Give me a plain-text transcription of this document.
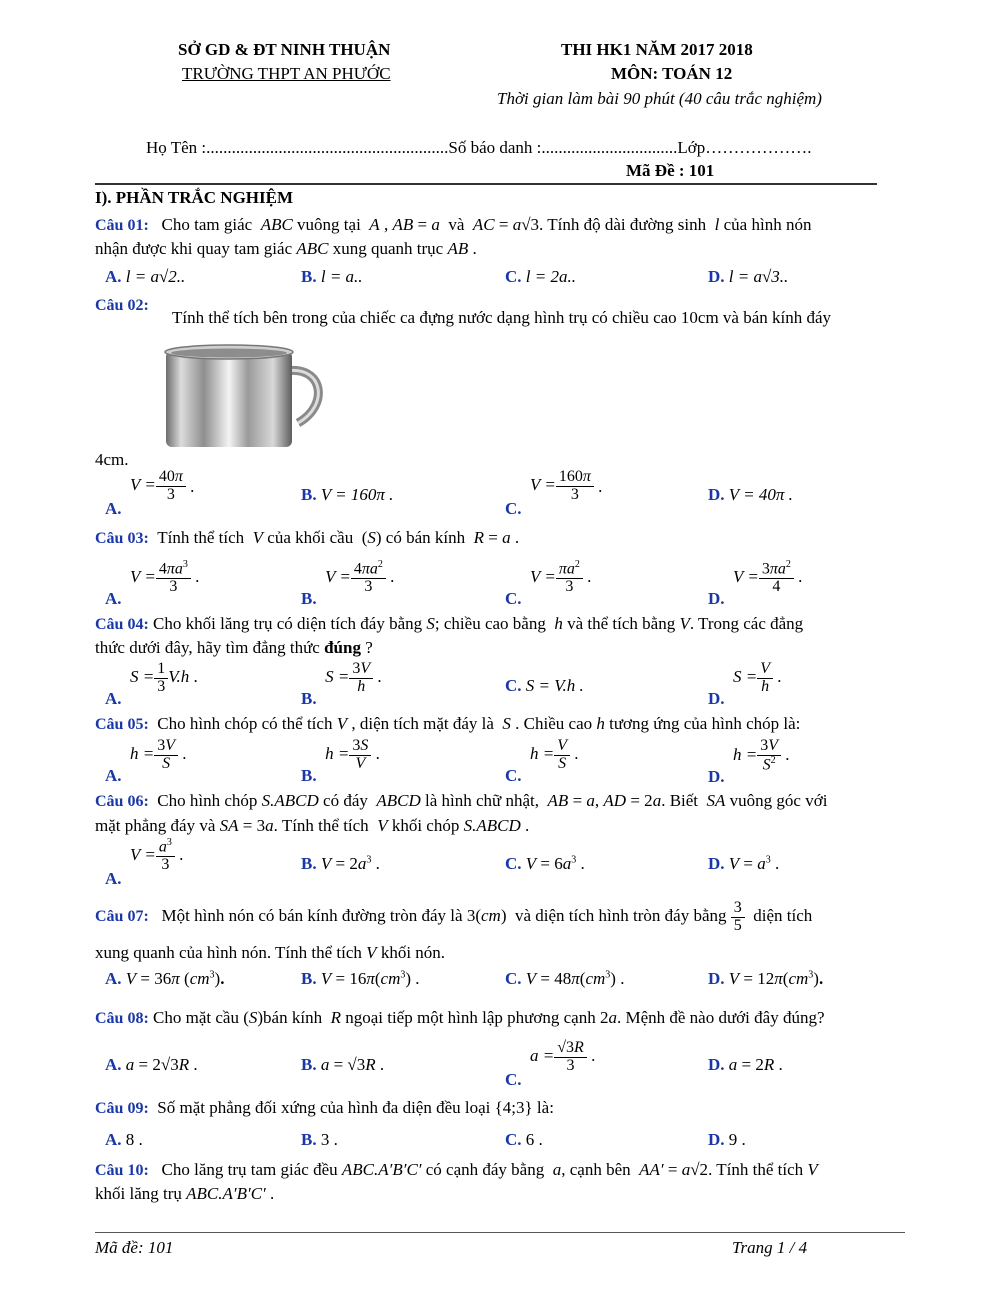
SỞ GD & ĐT NINH THUẬN
TRƯỜNG THPT AN PHƯỚC
THI HK1 NĂM 2017 2018
MÔN: TOÁN 12
Thời gian làm bài 90 phút (40 câu trắc nghiệm)
Họ Tên :.........................................................Số báo danh :................................Lớp……………….
Mã Đề : 101
I). PHẦN TRẮC NGHIỆM
Câu 01: Cho tam giác  ABC vuông tại  A , AB = a và  AC = a√3. Tính độ dài đường sinh  l của hình nón
nhận được khi quay tam giác ABC xung quanh trục AB .
A. l = a√2..	B. l = a..	C. l = 2a..	D. l = a√3..
Câu 02:
Tính thể tích bên trong của chiếc ca đựng nước dạng hình trụ có chiều cao 10cm và bán kính đáy
4cm.
A.  $V = \frac{40\pi}{3}$ .	B. V = 160π .
C.  $V = \frac{160\pi}{3}$ .	D. V = 40π .
Câu 03: Tính thể tích  V của khối cầu  (S) có bán kính  R = a .
A.  $V = \frac{4\pi a^3}{3}$ .
B.  $V = \frac{4\pi a^2}{3}$ .
C.  $V = \frac{\pi a^2}{3}$ .
D.  $V = \frac{3\pi a^2}{4}$ .
Câu 04: Cho khối lăng trụ có diện tích đáy bằng S; chiều cao bằng  h và thể tích bằng V. Trong các đẳng
thức dưới đây, hãy tìm đẳng thức đúng ?
A.  $S = \frac{1}{3} V.h$ .
B.  $S = \frac{3V}{h}$ .	C. S = V.h .
D.  $S = \frac{V}{h}$ .
Câu 05: Cho hình chóp có thể tích V , diện tích mặt đáy là  S . Chiều cao h tương ứng của hình chóp là:
A.  $h = \frac{3V}{S}$ .
B.  $h = \frac{3S}{V}$ .
C.  $h = \frac{V}{S}$ .
D.  $h = \frac{3V}{S^2}$ .
Câu 06: Cho hình chóp S.ABCD có đáy  ABCD là hình chữ nhật,  AB = a, AD = 2a. Biết  SA vuông góc với
mặt phẳng đáy và SA = 3a. Tính thể tích  V khối chóp S.ABCD .
A.  $V = \frac{a^3}{3}$ .	B. $V = 2a^3$ .	C. $V = 6a^3$ .	D. $V = a^3$ .
Câu 07: Một hình nón có bán kính đường tròn đáy là 3(cm)  và diện tích hình tròn đáy bằng $\frac{3}{5}$ diện tích
xung quanh của hình nón. Tính thể tích V khối nón.
A. V = 36π $(cm^3)$.	B. $V = 16\pi(cm^3)$ .	C. $V = 48\pi(cm^3)$ .	D. $V = 12\pi(cm^3)$.
Câu 08: Cho mặt cầu (S)bán kính  R ngoại tiếp một hình lập phương cạnh 2a. Mệnh đề nào dưới đây đúng?
A. a = 2√3R .	B. a = √3R .
C.  $a = \frac{√3R}{3}$ .	D. a = 2R .
Câu 09: Số mặt phẳng đối xứng của hình đa diện đều loại {4;3} là:
A. 8 .	B. 3 .	C. 6 .	D. 9 .
Câu 10: Cho lăng trụ tam giác đều ABC.A′B′C′ có cạnh đáy bằng  a, cạnh bên  AA′ = a√2. Tính thể tích V
khối lăng trụ ABC.A′B′C′ .
Mã đề: 101	Trang 1 / 4
